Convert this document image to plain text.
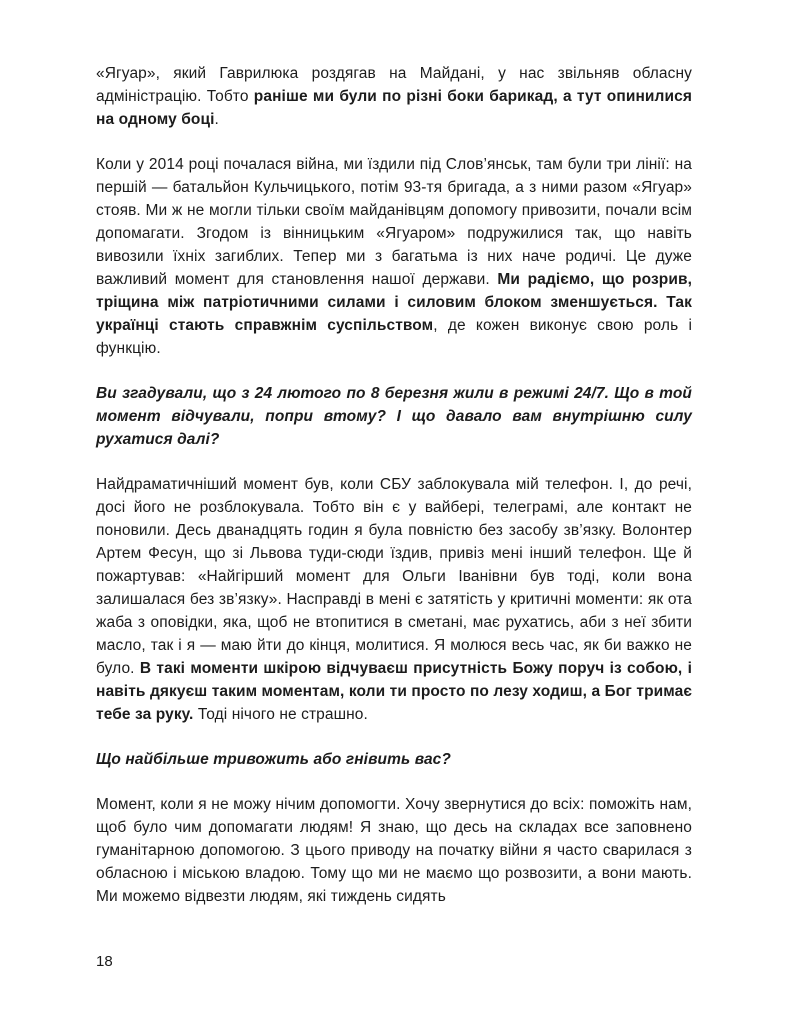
«Ягуар», який Гаврилюка роздягав на Майдані, у нас звільняв обласну адміністрацію. Тобто раніше ми були по різні боки барикад, а тут опинилися на одному боці.

Коли у 2014 році почалася війна, ми їздили під Слов’янськ, там були три лінії: на першій — батальйон Кульчицького, потім 93-тя бригада, а з ними разом «Ягуар» стояв. Ми ж не могли тільки своїм майданівцям допомогу привозити, почали всім допомагати. Згодом із вінницьким «Ягуаром» подружилися так, що навіть вивозили їхніх загиблих. Тепер ми з багатьма із них наче родичі. Це дуже важливий момент для становлення нашої держави. Ми радіємо, що розрив, тріщина між патріотичними силами і силовим блоком зменшується. Так українці стають справжнім суспільством, де кожен виконує свою роль і функцію.

Ви згадували, що з 24 лютого по 8 березня жили в режимі 24/7. Що в той момент відчували, попри втому? І що давало вам внутрішню силу рухатися далі?

Найдраматичніший момент був, коли СБУ заблокувала мій телефон. І, до речі, досі його не розблокувала. Тобто він є у вайбері, телеграмі, але контакт не поновили. Десь дванадцять годин я була повністю без засобу зв’язку. Волонтер Артем Фесун, що зі Львова туди-сюди їздив, привіз мені інший телефон. Ще й пожартував: «Найгірший момент для Ольги Іванівни був тоді, коли вона залишалася без зв’язку». Насправді в мені є затятість у критичні моменти: як ота жаба з оповідки, яка, щоб не втопитися в сметані, має рухатись, аби з неї збити масло, так і я — маю йти до кінця, молитися. Я молюся весь час, як би важко не було. В такі моменти шкірою відчуваєш присутність Божу поруч із собою, і навіть дякуєш таким моментам, коли ти просто по лезу ходиш, а Бог тримає тебе за руку. Тоді нічого не страшно.

Що найбільше тривожить або гнівить вас?

Момент, коли я не можу нічим допомогти. Хочу звернутися до всіх: поможіть нам, щоб було чим допомагати людям! Я знаю, що десь на складах все заповнено гуманітарною допомогою. З цього приводу на початку війни я часто сварилася з обласною і міською владою. Тому що ми не маємо що розвозити, а вони мають. Ми можемо відвезти людям, які тиждень сидять

18
